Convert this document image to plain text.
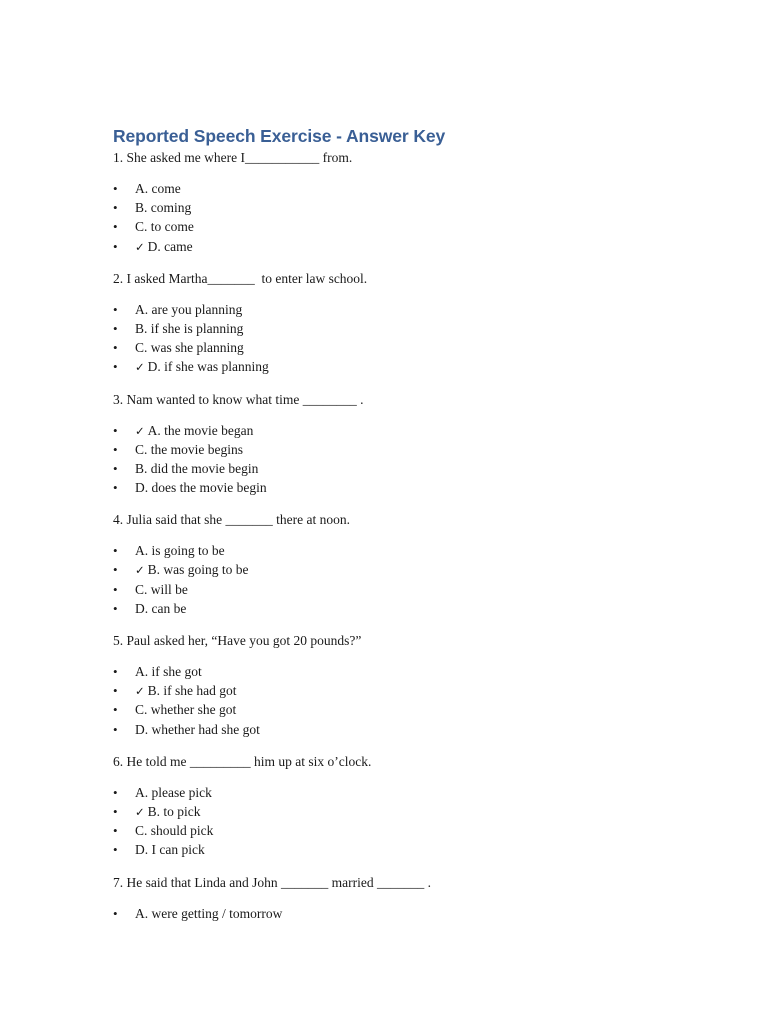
Reported Speech Exercise - Answer Key

1. She asked me where I___________ from.

• A. come
• B. coming
• C. to come
• ✓ D. came

2. I asked Martha_______  to enter law school.

• A. are you planning
• B. if she is planning
• C. was she planning
• ✓ D. if she was planning

3. Nam wanted to know what time ________ .

• ✓ A. the movie began
• C. the movie begins
• B. did the movie begin
• D. does the movie begin

4. Julia said that she _______ there at noon.

• A. is going to be
• ✓ B. was going to be
• C. will be
• D. can be

5. Paul asked her, “Have you got 20 pounds?”

• A. if she got
• ✓ B. if she had got
• C. whether she got
• D. whether had she got

6. He told me _________ him up at six o’clock.

• A. please pick
• ✓ B. to pick
• C. should pick
• D. I can pick

7. He said that Linda and John _______ married _______ .

• A. were getting / tomorrow
